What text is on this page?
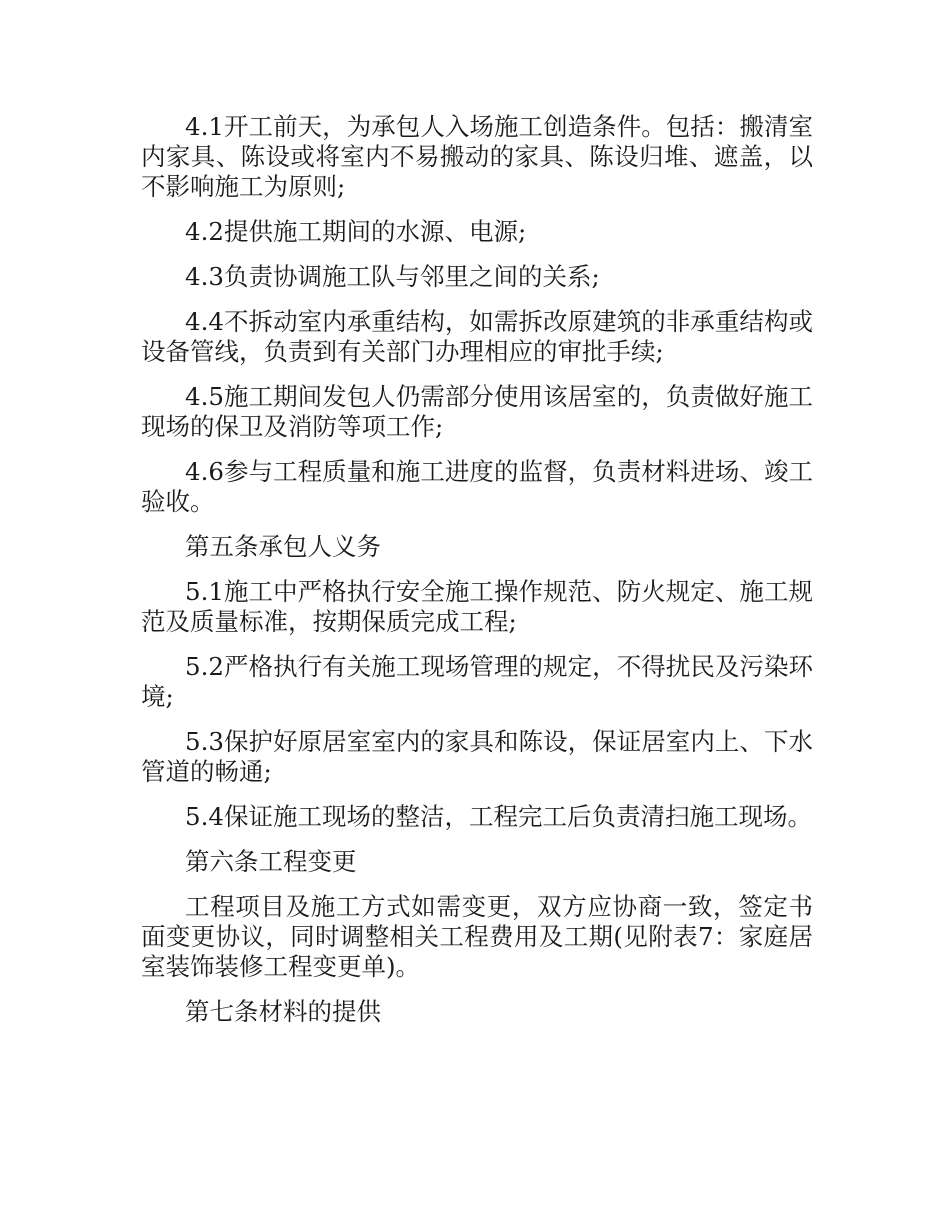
4.1开工前天，为承包人入场施工创造条件。包括：搬清室内家具、陈设或将室内不易搬动的家具、陈设归堆、遮盖，以不影响施工为原则;

4.2提供施工期间的水源、电源;

4.3负责协调施工队与邻里之间的关系;

4.4不拆动室内承重结构，如需拆改原建筑的非承重结构或设备管线，负责到有关部门办理相应的审批手续;

4.5施工期间发包人仍需部分使用该居室的，负责做好施工现场的保卫及消防等项工作;

4.6参与工程质量和施工进度的监督，负责材料进场、竣工验收。

第五条承包人义务

5.1施工中严格执行安全施工操作规范、防火规定、施工规范及质量标准，按期保质完成工程;

5.2严格执行有关施工现场管理的规定，不得扰民及污染环境;

5.3保护好原居室室内的家具和陈设，保证居室内上、下水管道的畅通;

5.4保证施工现场的整洁，工程完工后负责清扫施工现场。

第六条工程变更

工程项目及施工方式如需变更，双方应协商一致，签定书面变更协议，同时调整相关工程费用及工期(见附表7：家庭居室装饰装修工程变更单)。

第七条材料的提供
